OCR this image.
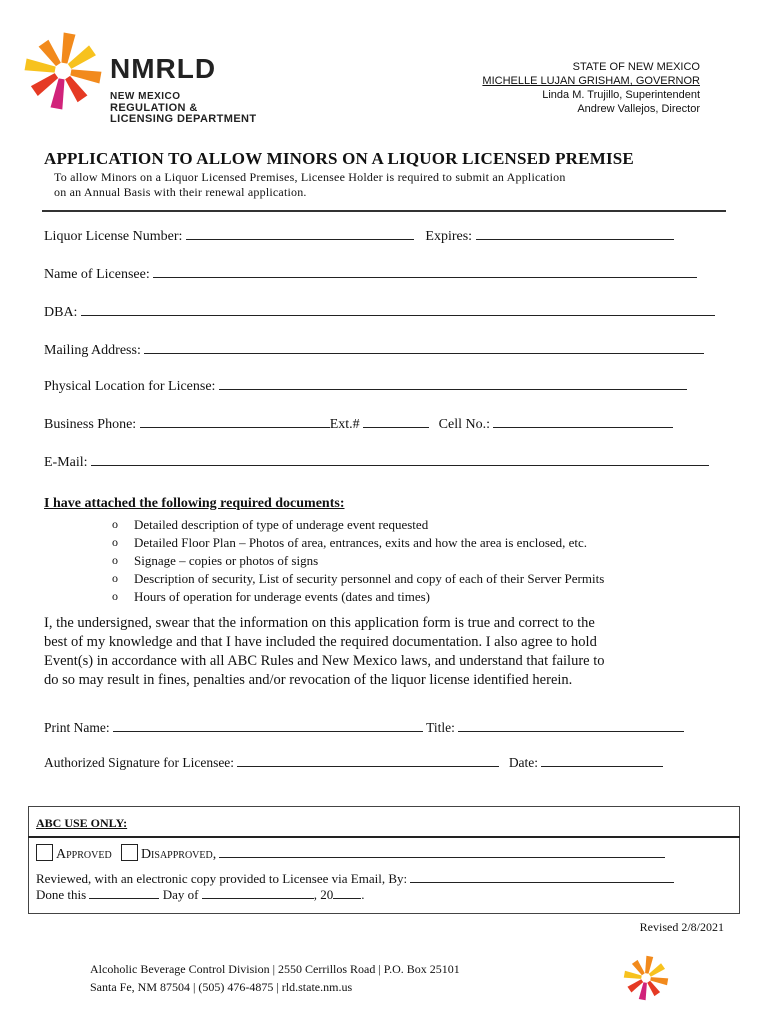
NMRLD
NEW MEXICO
REGULATION &
LICENSING DEPARTMENT
STATE OF NEW MEXICO
MICHELLE LUJAN GRISHAM, GOVERNOR
Linda M. Trujillo, Superintendent
Andrew Vallejos, Director
APPLICATION TO ALLOW MINORS ON A LIQUOR LICENSED PREMISE
To allow Minors on a Liquor Licensed Premises, Licensee Holder is required to submit an Application
on an Annual Basis with their renewal application.
Liquor License Number:	Expires:
Name of Licensee:
DBA:
Mailing Address:
Physical Location for License:
Business Phone:	Ext.#	Cell No.:
E-Mail:
I have attached the following required documents:
o Detailed description of type of underage event requested
o Detailed Floor Plan – Photos of area, entrances, exits and how the area is enclosed, etc.
o Signage – copies or photos of signs
o Description of security, List of security personnel and copy of each of their Server Permits
o Hours of operation for underage events (dates and times)
I, the undersigned, swear that the information on this application form is true and correct to the
best of my knowledge and that I have included the required documentation. I also agree to hold
Event(s) in accordance with all ABC Rules and New Mexico laws, and understand that failure to
do so may result in fines, penalties and/or revocation of the liquor license identified herein.
Print Name:	Title:
Authorized Signature for Licensee:	Date:
ABC USE ONLY:
Approved Disapproved,
Reviewed, with an electronic copy provided to Licensee via Email, By:
Done this	Day of	, 20 .
Revised 2/8/2021
Alcoholic Beverage Control Division | 2550 Cerrillos Road | P.O. Box 25101
Santa Fe, NM 87504 | (505) 476-4875 | rld.state.nm.us
